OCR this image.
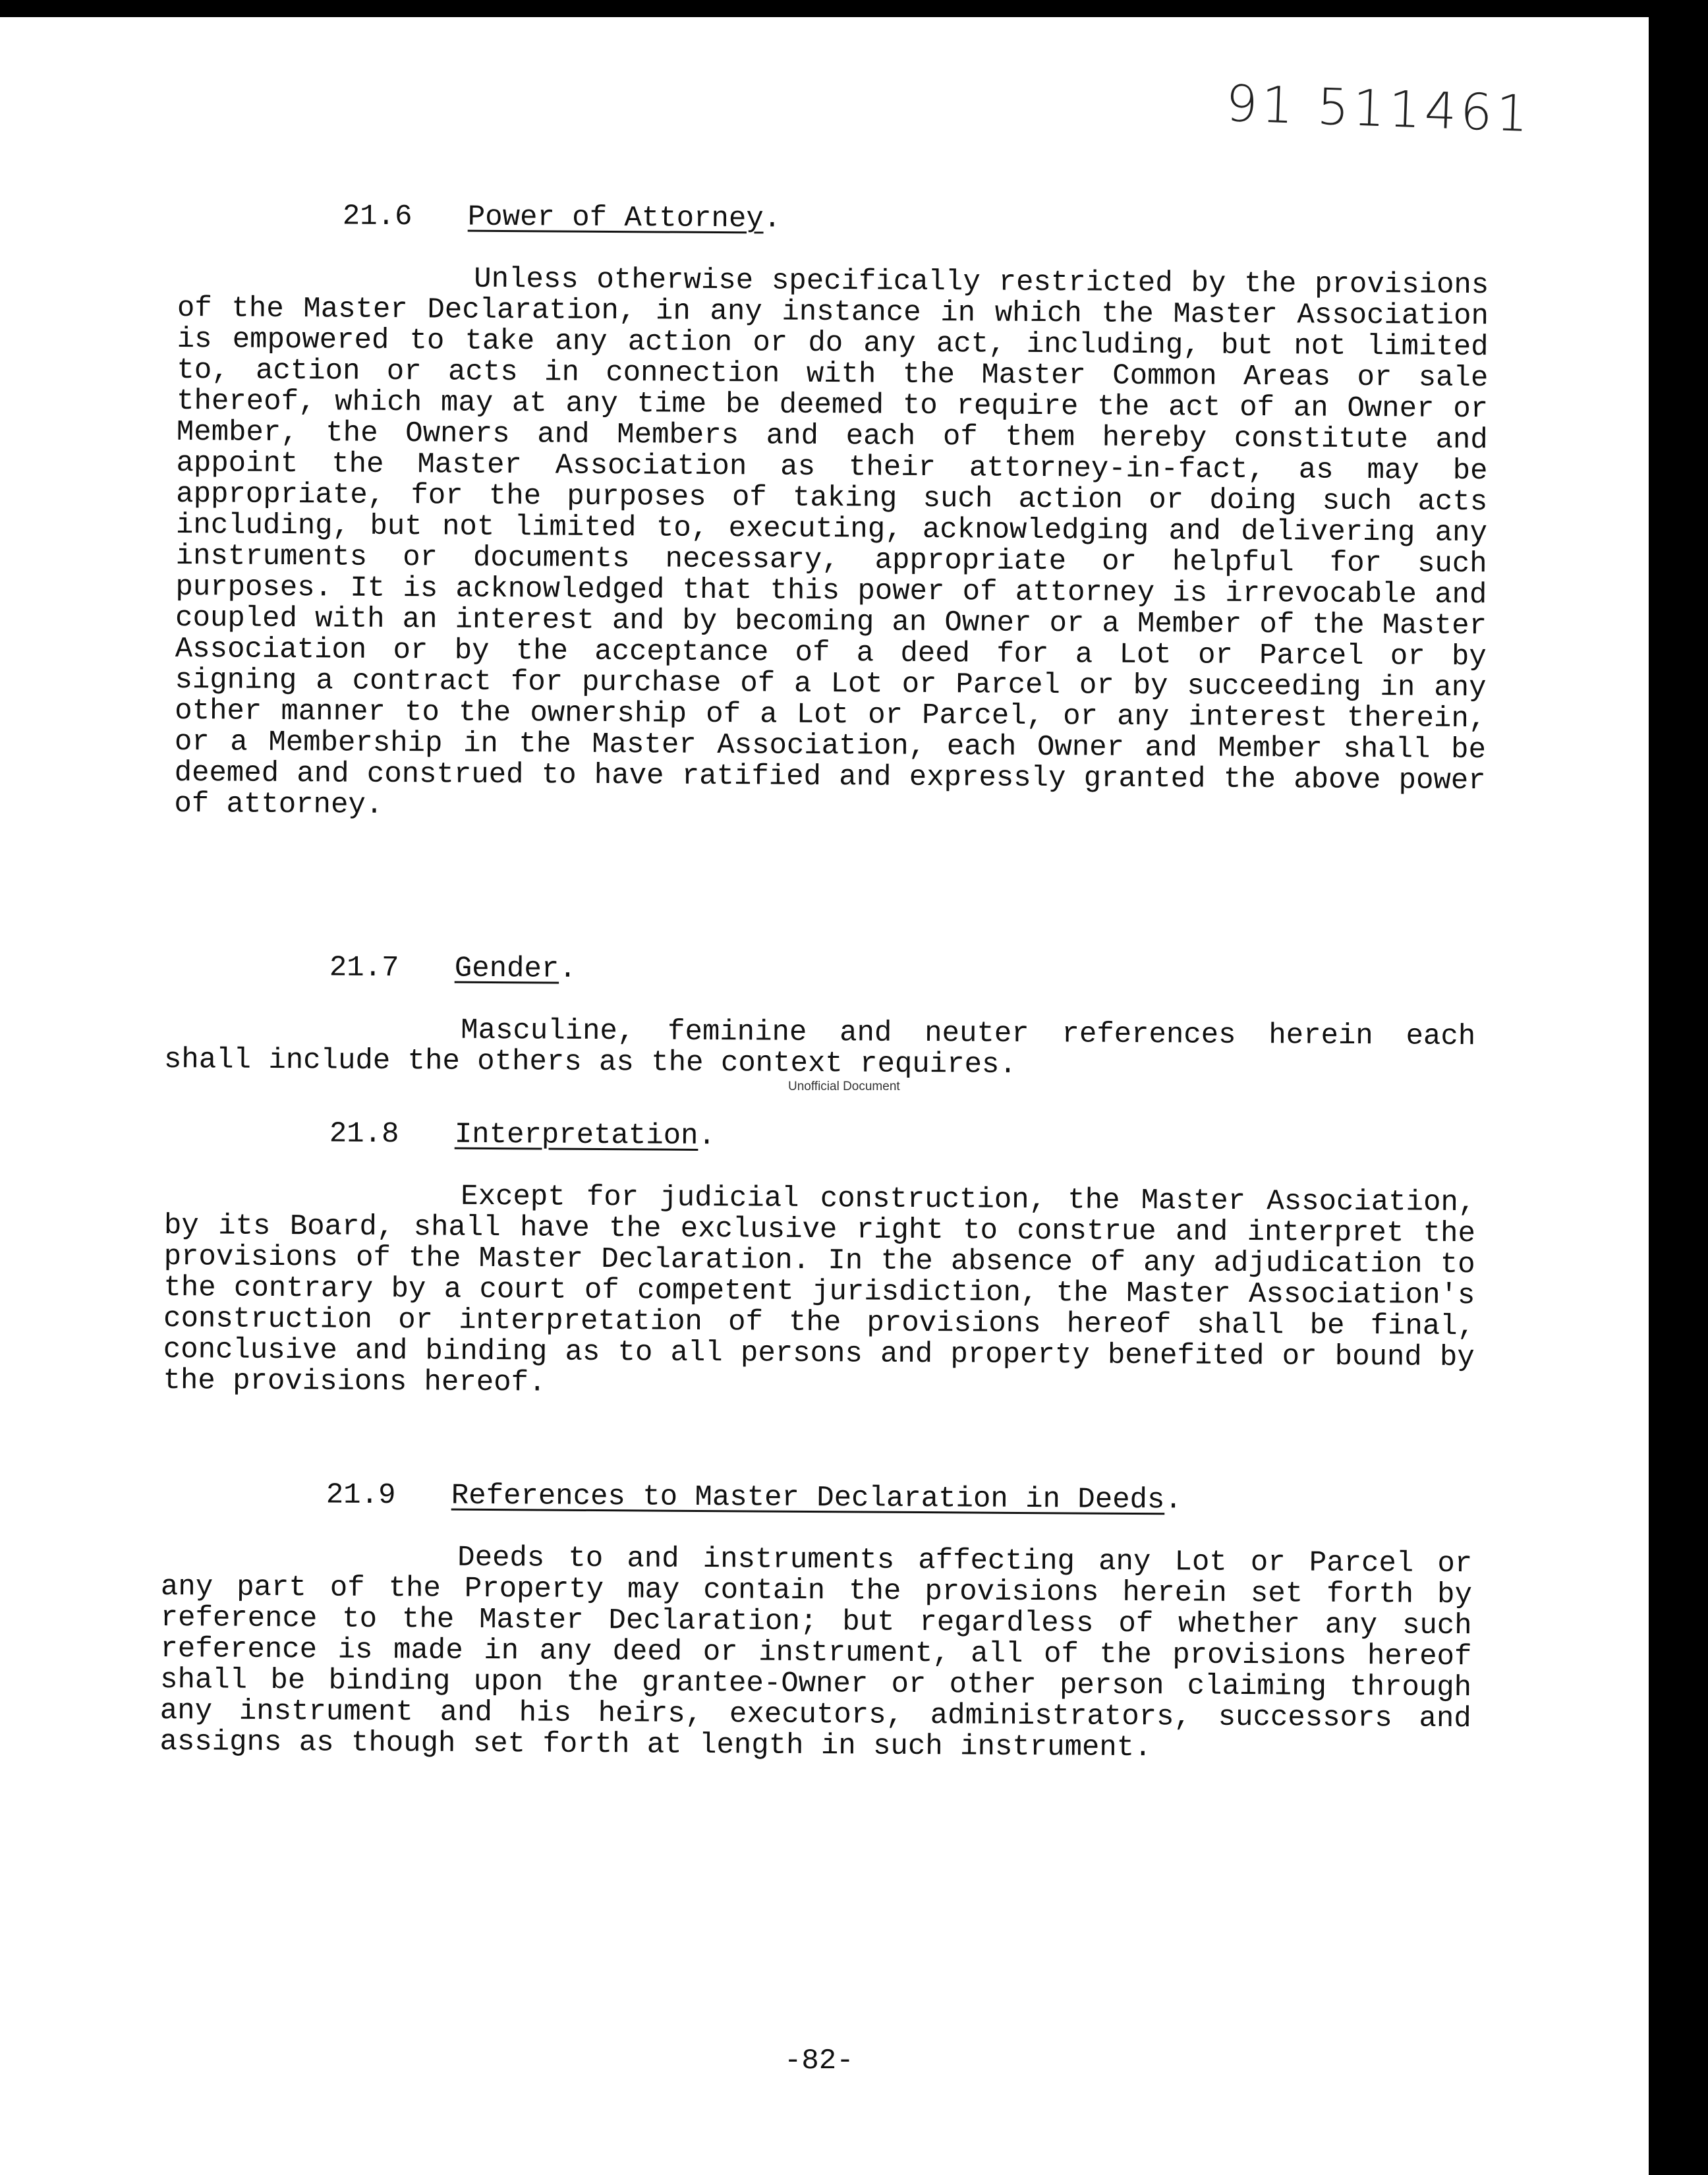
91 511461
21.6 Power of Attorney.
Unless otherwise specifically restricted by the provisions of the Master Declaration, in any instance in which the Master Association is empowered to take any action or do any act, including, but not limited to, action or acts in connection with the Master Common Areas or sale thereof, which may at any time be deemed to require the act of an Owner or Member, the Owners and Members and each of them hereby constitute and appoint the Master Association as their attorney-in-fact, as may be appropriate, for the purposes of taking such action or doing such acts including, but not limited to, executing, acknowledging and delivering any instruments or documents necessary, appropriate or helpful for such purposes. It is acknowledged that this power of attorney is irrevocable and coupled with an interest and by becoming an Owner or a Member of the Master Association or by the acceptance of a deed for a Lot or Parcel or by signing a contract for purchase of a Lot or Parcel or by succeeding in any other manner to the ownership of a Lot or Parcel, or any interest therein, or a Membership in the Master Association, each Owner and Member shall be deemed and construed to have ratified and expressly granted the above power of attorney.
21.7 Gender.
Masculine, feminine and neuter references herein each shall include the others as the context requires.
Unofficial Document
21.8 Interpretation.
Except for judicial construction, the Master Association, by its Board, shall have the exclusive right to construe and interpret the provisions of the Master Declaration. In the absence of any adjudication to the contrary by a court of competent jurisdiction, the Master Association's construction or interpretation of the provisions hereof shall be final, conclusive and binding as to all persons and property benefited or bound by the provisions hereof.
21.9 References to Master Declaration in Deeds.
Deeds to and instruments affecting any Lot or Parcel or any part of the Property may contain the provisions herein set forth by reference to the Master Declaration; but regardless of whether any such reference is made in any deed or instrument, all of the provisions hereof shall be binding upon the grantee-Owner or other person claiming through any instrument and his heirs, executors, administrators, successors and assigns as though set forth at length in such instrument.
-82-
